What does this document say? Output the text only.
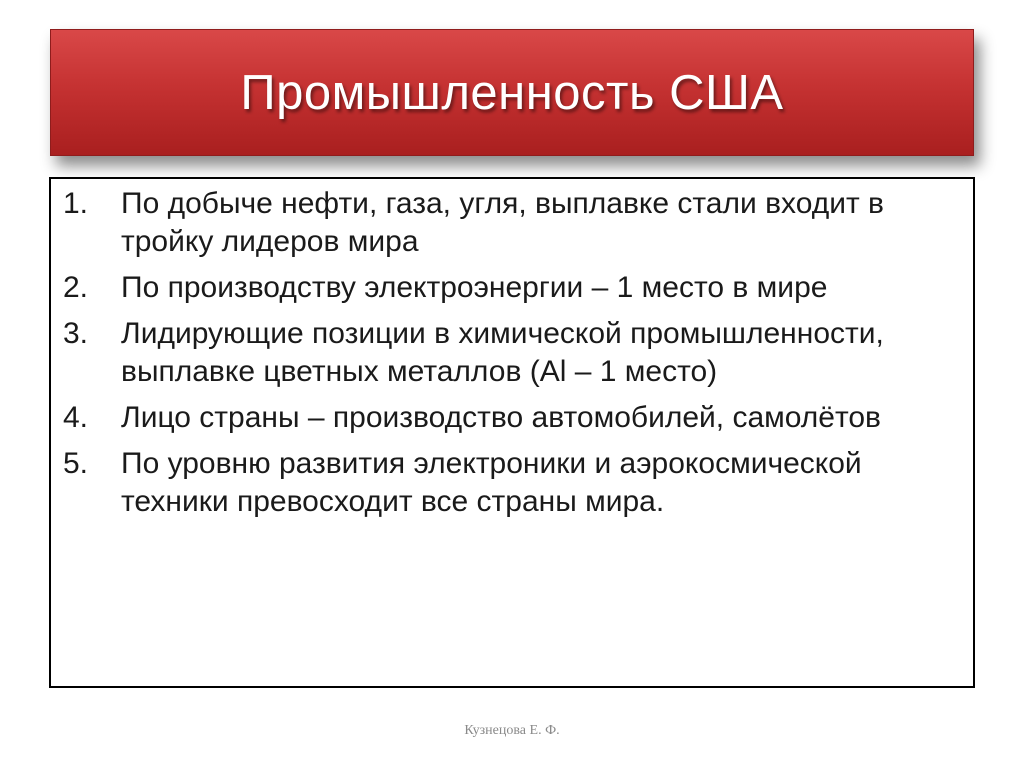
Промышленность США
1.	По добыче нефти, газа, угля, выплавке стали входит в тройку лидеров мира
2.	По производству электроэнергии – 1 место в мире
3.	Лидирующие позиции в химической промышленности, выплавке цветных металлов (Al – 1 место)
4.	Лицо страны – производство автомобилей, самолётов
5.	По уровню развития электроники и аэрокосмической техники превосходит все страны мира.
Кузнецова Е. Ф.
